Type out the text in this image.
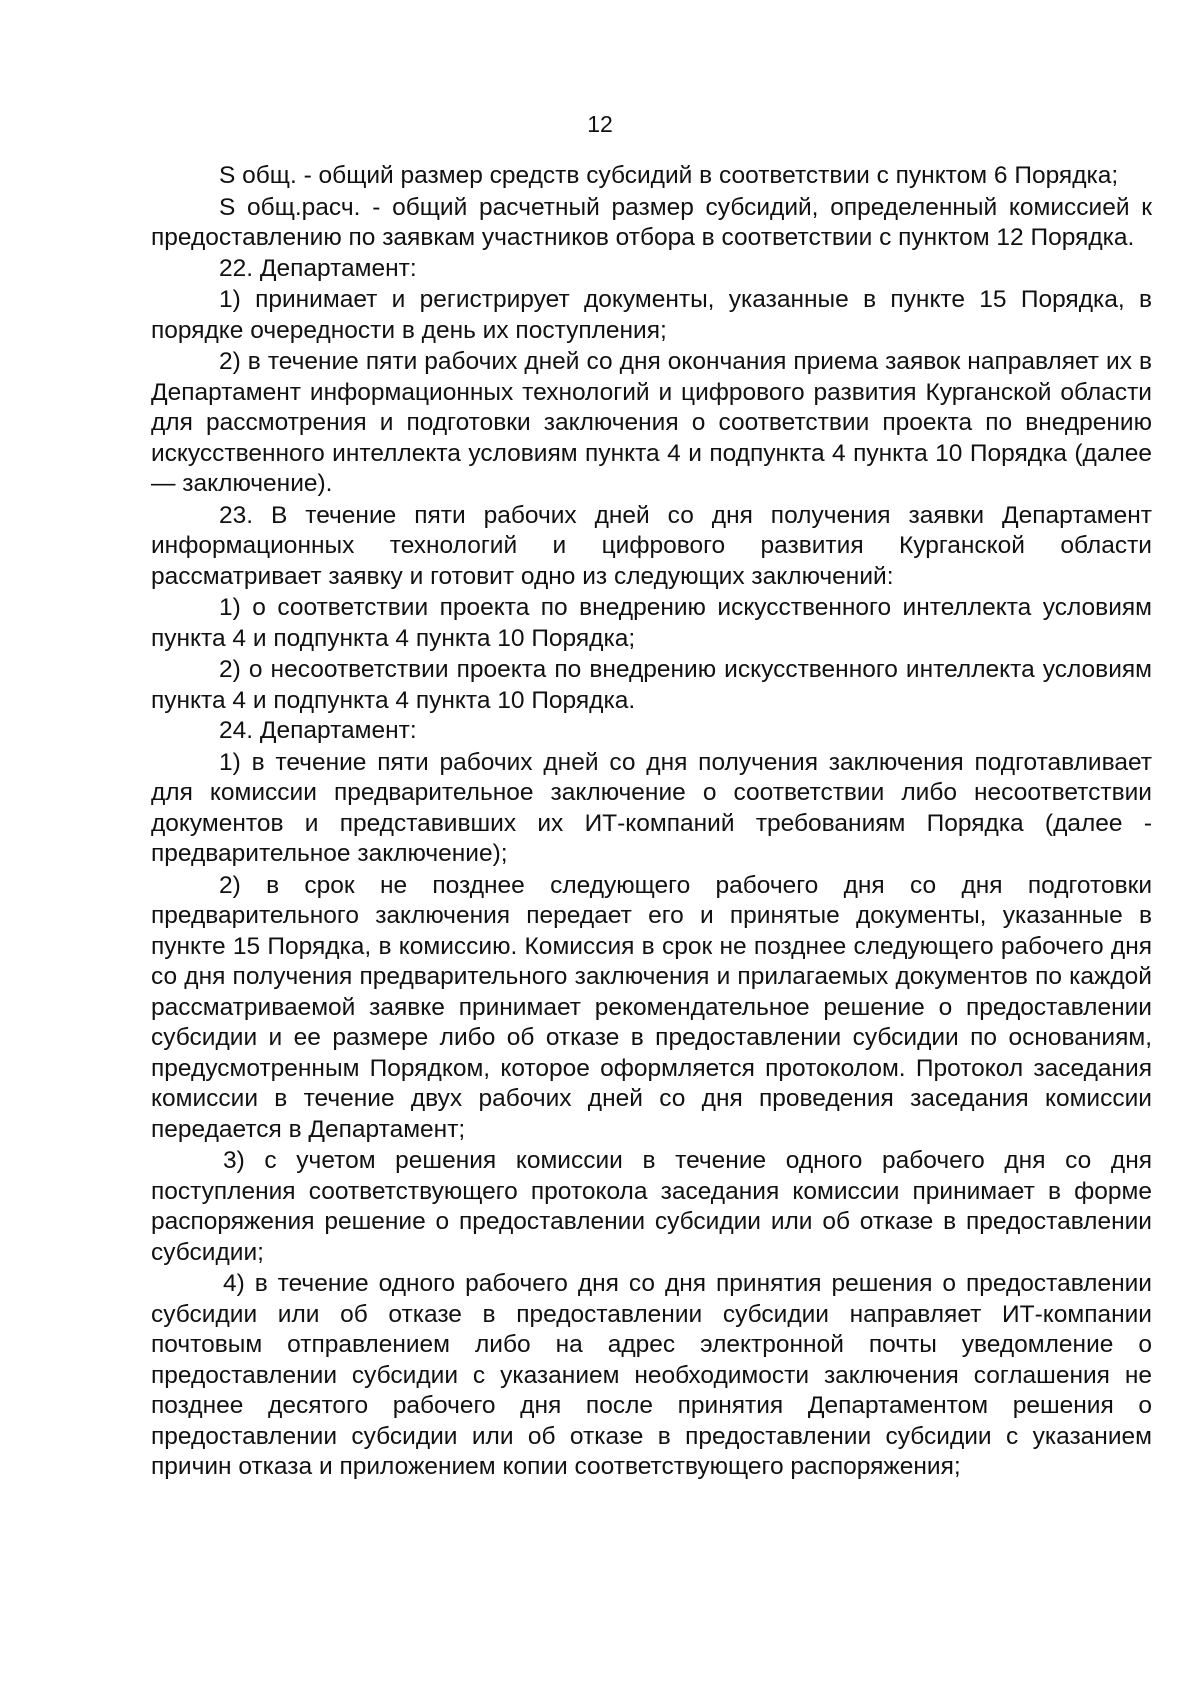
12

S общ. - общий размер средств субсидий в соответствии с пунктом 6 Порядка;

S общ.расч. - общий расчетный размер субсидий, определенный комиссией к предоставлению по заявкам участников отбора в соответствии с пунктом 12 Порядка.

22. Департамент:

1) принимает и регистрирует документы, указанные в пункте 15 Порядка, в порядке очередности в день их поступления;

2) в течение пяти рабочих дней со дня окончания приема заявок направляет их в Департамент информационных технологий и цифрового развития Курганской области для рассмотрения и подготовки заключения о соответствии проекта по внедрению искусственного интеллекта условиям пункта 4 и подпункта 4 пункта 10 Порядка (далее — заключение).

23. В течение пяти рабочих дней со дня получения заявки Департамент информационных технологий и цифрового развития Курганской области рассматривает заявку и готовит одно из следующих заключений:

1) о соответствии проекта по внедрению искусственного интеллекта условиям пункта 4 и подпункта 4 пункта 10 Порядка;

2) о несоответствии проекта по внедрению искусственного интеллекта условиям пункта 4 и подпункта 4 пункта 10 Порядка.

24. Департамент:

1) в течение пяти рабочих дней со дня получения заключения подготавливает для комиссии предварительное заключение о соответствии либо несоответствии документов и представивших их ИТ-компаний требованиям Порядка (далее - предварительное заключение);

2) в срок не позднее следующего рабочего дня со дня подготовки предварительного заключения передает его и принятые документы, указанные в пункте 15 Порядка, в комиссию. Комиссия в срок не позднее следующего рабочего дня со дня получения предварительного заключения и прилагаемых документов по каждой рассматриваемой заявке принимает рекомендательное решение о предоставлении субсидии и ее размере либо об отказе в предоставлении субсидии по основаниям, предусмотренным Порядком, которое оформляется протоколом. Протокол заседания комиссии в течение двух рабочих дней со дня проведения заседания комиссии передается в Департамент;

3) с учетом решения комиссии в течение одного рабочего дня со дня поступления соответствующего протокола заседания комиссии принимает в форме распоряжения решение о предоставлении субсидии или об отказе в предоставлении субсидии;

4) в течение одного рабочего дня со дня принятия решения о предоставлении субсидии или об отказе в предоставлении субсидии направляет ИТ-компании почтовым отправлением либо на адрес электронной почты уведомление о предоставлении субсидии с указанием необходимости заключения соглашения не позднее десятого рабочего дня после принятия Департаментом решения о предоставлении субсидии или об отказе в предоставлении субсидии с указанием причин отказа и приложением копии соответствующего распоряжения;
